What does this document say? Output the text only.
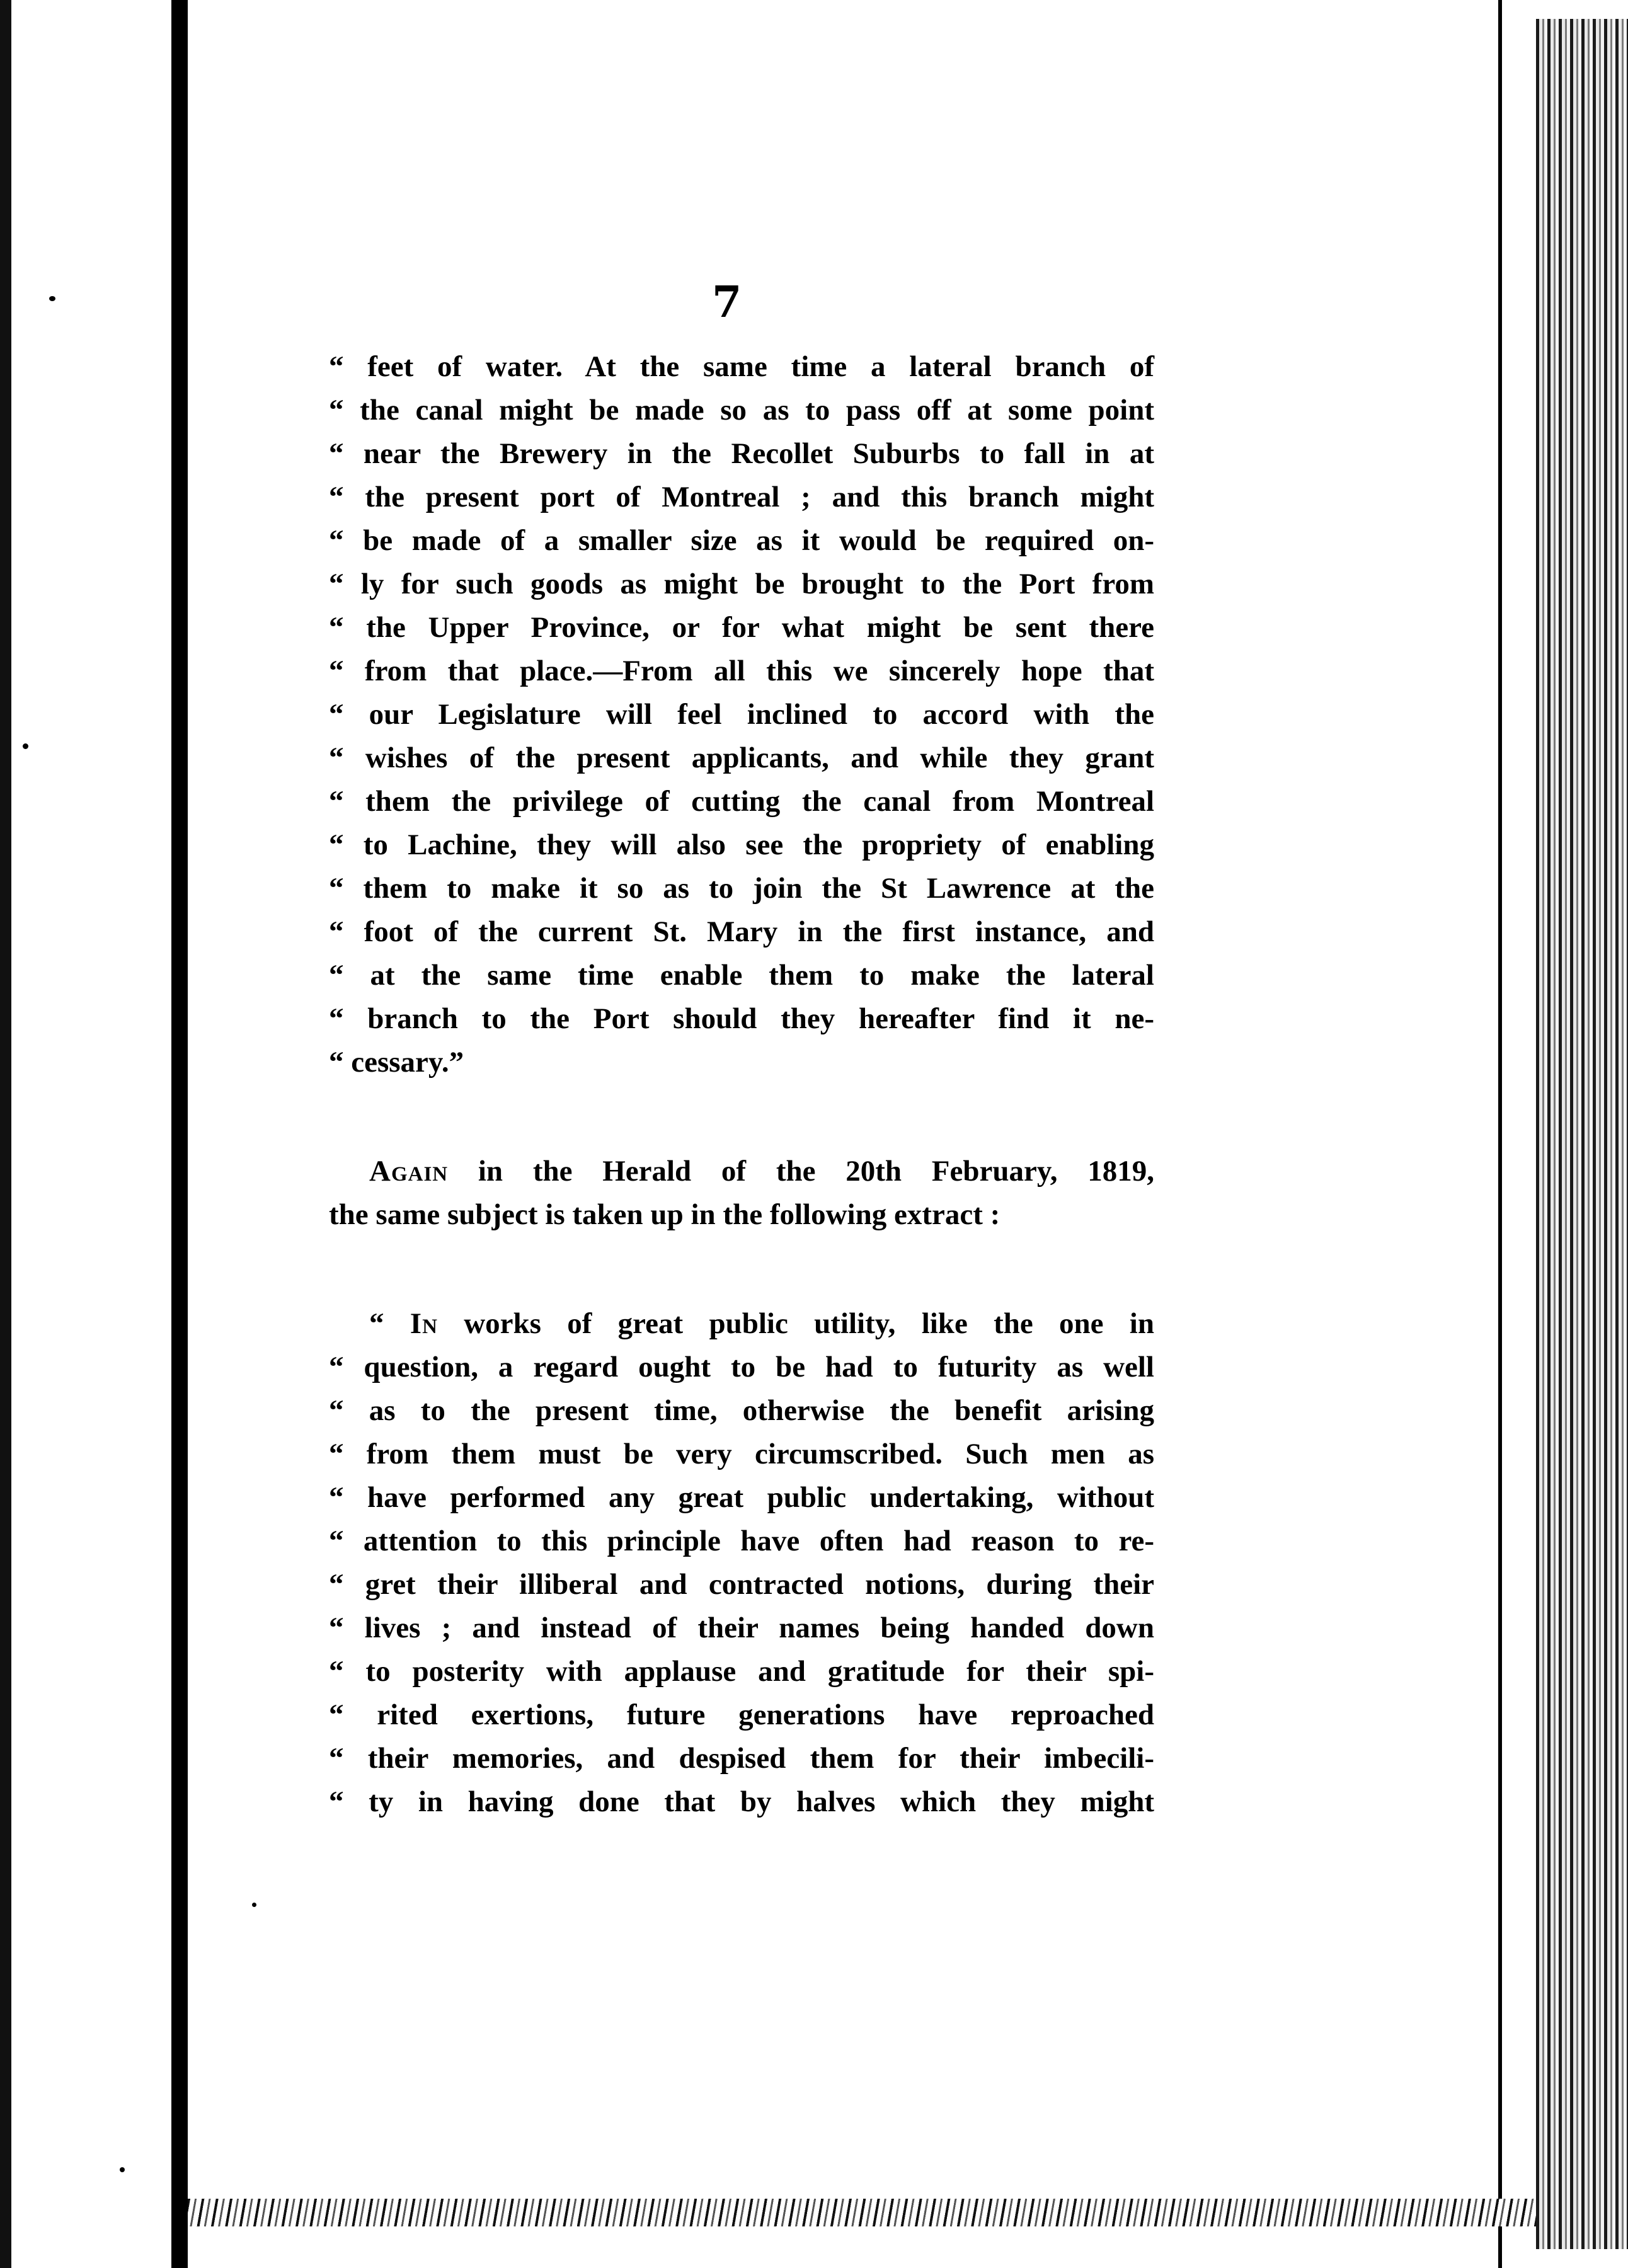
7

“ feet of water. At the same time a lateral branch of
“ the canal might be made so as to pass off at some point
“ near the Brewery in the Recollet Suburbs to fall in at
“ the present port of Montreal ; and this branch might
“ be made of a smaller size as it would be required on-
“ ly for such goods as might be brought to the Port from
“ the Upper Province, or for what might be sent there
“ from that place.—From all this we sincerely hope that
“ our Legislature will feel inclined to accord with the
“ wishes of the present applicants, and while they grant
“ them the privilege of cutting the canal from Montreal
“ to Lachine, they will also see the propriety of enabling
“ them to make it so as to join the St Lawrence at the
“ foot of the current St. Mary in the first instance, and
“ at the same time enable them to make the lateral
“ branch to the Port should they hereafter find it ne-
“ cessary.”
Again in the Herald of the 20th February, 1819,
the same subject is taken up in the following extract :
“ In works of great public utility, like the one in
“ question, a regard ought to be had to futurity as well
“ as to the present time, otherwise the benefit arising
“ from them must be very circumscribed. Such men as
“ have performed any great public undertaking, without
“ attention to this principle have often had reason to re-
“ gret their illiberal and contracted notions, during their
“ lives ; and instead of their names being handed down
“ to posterity with applause and gratitude for their spi-
“ rited exertions, future generations have reproached
“ their memories, and despised them for their imbecili-
“ ty in having done that by halves which they might
